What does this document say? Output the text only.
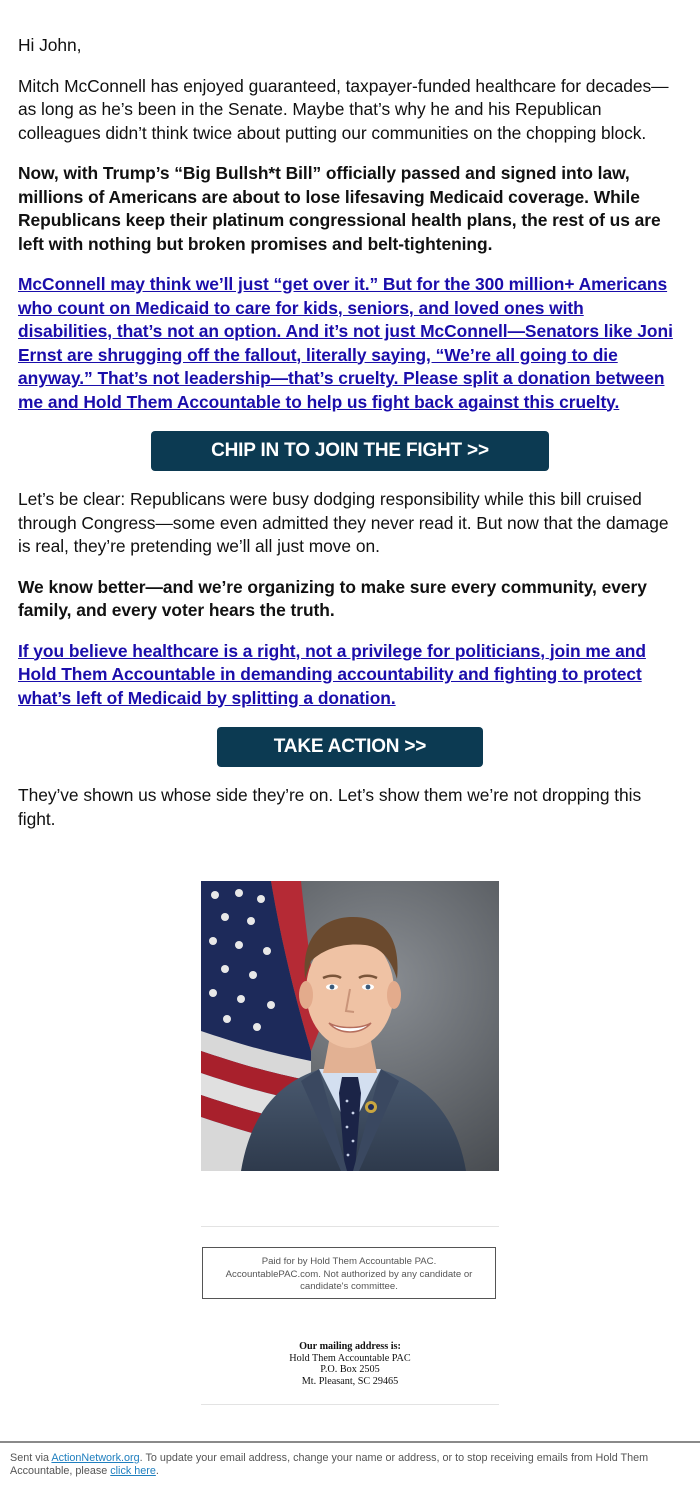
Hi John,

Mitch McConnell has enjoyed guaranteed, taxpayer-funded healthcare for decades—as long as he’s been in the Senate. Maybe that’s why he and his Republican colleagues didn’t think twice about putting our communities on the chopping block.

Now, with Trump’s “Big Bullsh*t Bill” officially passed and signed into law, millions of Americans are about to lose lifesaving Medicaid coverage. While Republicans keep their platinum congressional health plans, the rest of us are left with nothing but broken promises and belt-tightening.

McConnell may think we’ll just “get over it.” But for the 300 million+ Americans who count on Medicaid to care for kids, seniors, and loved ones with disabilities, that’s not an option. And it’s not just McConnell—Senators like Joni Ernst are shrugging off the fallout, literally saying, “We’re all going to die anyway.” That’s not leadership—that’s cruelty. Please split a donation between me and Hold Them Accountable to help us fight back against this cruelty.

CHIP IN TO JOIN THE FIGHT >>

Let’s be clear: Republicans were busy dodging responsibility while this bill cruised through Congress—some even admitted they never read it. But now that the damage is real, they’re pretending we’ll all just move on.

We know better—and we’re organizing to make sure every community, every family, and every voter hears the truth.

If you believe healthcare is a right, not a privilege for politicians, join me and Hold Them Accountable in demanding accountability and fighting to protect what’s left of Medicaid by splitting a donation.

TAKE ACTION >>

They’ve shown us whose side they’re on. Let’s show them we’re not dropping this fight.

Paid for by Hold Them Accountable PAC. AccountablePAC.com. Not authorized by any candidate or candidate's committee.
Our mailing address is:
Hold Them Accountable PAC
P.O. Box 2505
Mt. Pleasant, SC 29465
Sent via ActionNetwork.org. To update your email address, change your name or address, or to stop receiving emails from Hold Them Accountable, please click here.
